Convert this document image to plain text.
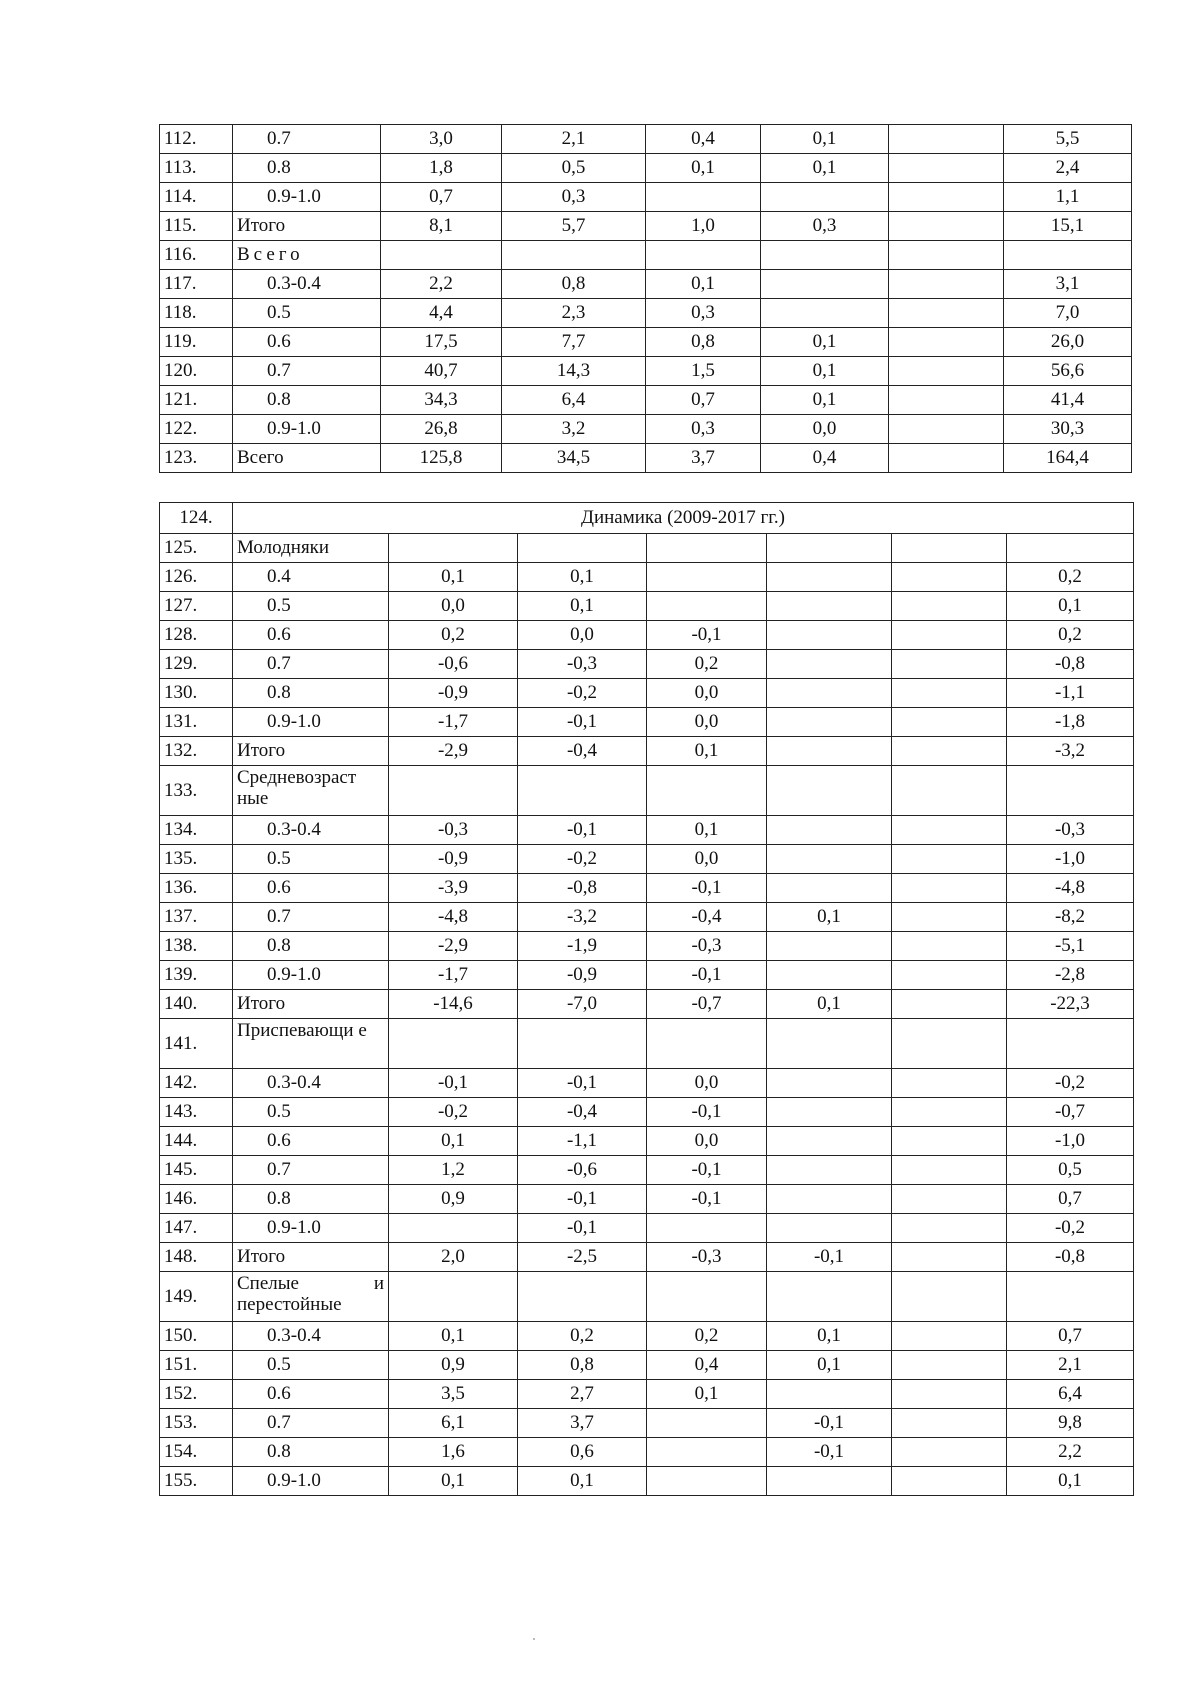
112.	0.7	3,0	2,1	0,4	0,1		5,5
113.	0.8	1,8	0,5	0,1	0,1		2,4
114.	0.9-1.0	0,7	0,3				1,1
115.	Итого	8,1	5,7	1,0	0,3		15,1
116.	Всего						
117.	0.3-0.4	2,2	0,8	0,1			3,1
118.	0.5	4,4	2,3	0,3			7,0
119.	0.6	17,5	7,7	0,8	0,1		26,0
120.	0.7	40,7	14,3	1,5	0,1		56,6
121.	0.8	34,3	6,4	0,7	0,1		41,4
122.	0.9-1.0	26,8	3,2	0,3	0,0		30,3
123.	Всего	125,8	34,5	3,7	0,4		164,4
124.	Динамика (2009-2017 гг.)						
125.	Молодняки						
126.	0.4	0,1	0,1				0,2
127.	0.5	0,0	0,1				0,1
128.	0.6	0,2	0,0	-0,1			0,2
129.	0.7	-0,6	-0,3	0,2			-0,8
130.	0.8	-0,9	-0,2	0,0			-1,1
131.	0.9-1.0	-1,7	-0,1	0,0			-1,8
132.	Итого	-2,9	-0,4	0,1			-3,2
133.	Средневозраст ные						
134.	0.3-0.4	-0,3	-0,1	0,1			-0,3
135.	0.5	-0,9	-0,2	0,0			-1,0
136.	0.6	-3,9	-0,8	-0,1			-4,8
137.	0.7	-4,8	-3,2	-0,4	0,1		-8,2
138.	0.8	-2,9	-1,9	-0,3			-5,1
139.	0.9-1.0	-1,7	-0,9	-0,1			-2,8
140.	Итого	-14,6	-7,0	-0,7	0,1		-22,3
141.	Приспевающи е						
142.	0.3-0.4	-0,1	-0,1	0,0			-0,2
143.	0.5	-0,2	-0,4	-0,1			-0,7
144.	0.6	0,1	-1,1	0,0			-1,0
145.	0.7	1,2	-0,6	-0,1			0,5
146.	0.8	0,9	-0,1	-0,1			0,7
147.	0.9-1.0		-0,1				-0,2
148.	Итого	2,0	-2,5	-0,3	-0,1		-0,8
149.	Спелые и перестойные						
150.	0.3-0.4	0,1	0,2	0,2	0,1		0,7
151.	0.5	0,9	0,8	0,4	0,1		2,1
152.	0.6	3,5	2,7	0,1			6,4
153.	0.7	6,1	3,7		-0,1		9,8
154.	0.8	1,6	0,6		-0,1		2,2
155.	0.9-1.0	0,1	0,1				0,1
